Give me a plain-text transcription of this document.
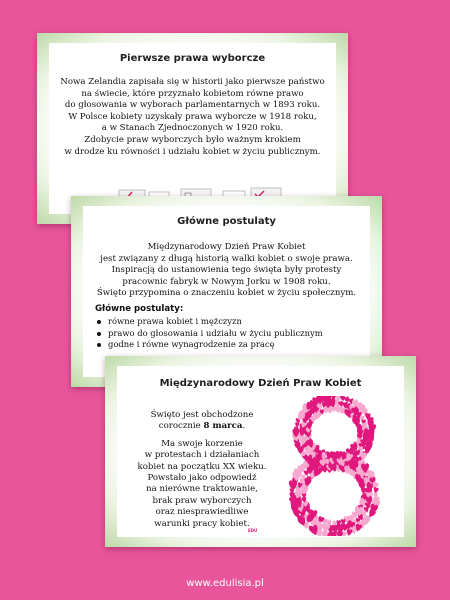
Pierwsze prawa wyborcze

Nowa Zelandia zapisała się w historii jako pierwsze państwo

na świecie, które przyznało kobietom równe prawo

do głosowania w wyborach parlamentarnych w 1893 roku.

W Polsce kobiety uzyskały prawa wyborcze w 1918 roku,

a w Stanach Zjednoczonych w 1920 roku.

Zdobycie praw wyborczych było ważnym krokiem

w drodze ku równości i udziału kobiet w życiu publicznym.

Główne postulaty

Międzynarodowy Dzień Praw Kobiet

jest związany z długą historią walki kobiet o swoje prawa.

Inspiracją do ustanowienia tego święta były protesty

pracownic fabryk w Nowym Jorku w 1908 roku.

Święto przypomina o znaczeniu kobiet w życiu społecznym.

Główne postulaty:
równe prawa kobiet i mężczyzn
prawo do głosowania i udziału w życiu publicznym
godne i równe wynagrodzenie za pracę
Międzynarodowy Dzień Praw Kobiet

Święto jest obchodzone
corocznie 8 marca.

Ma swoje korzenie
w protestach i działaniach
kobiet na początku XX wieku.
Powstało jako odpowiedź
na nierówne traktowanie,
brak praw wyborczych
oraz niesprawiedliwe
warunki pracy kobiet.

EDU
www.edulisia.pl
